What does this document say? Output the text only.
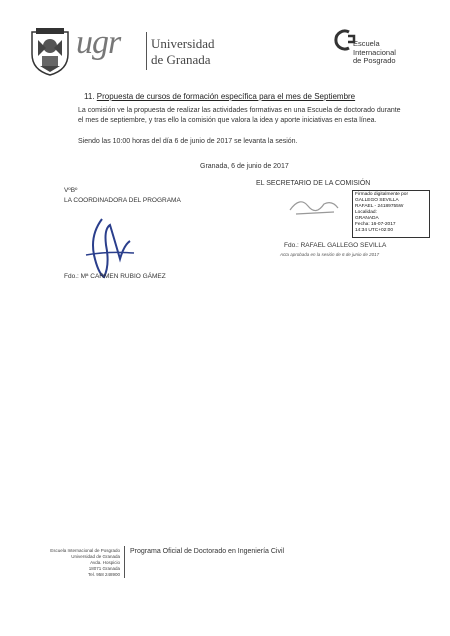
ugr Universidad
de Granada
Escuela
Internacional
de Posgrado
11. Propuesta de cursos de formación específica para el mes de Septiembre
La comisión ve la propuesta de realizar las actividades formativas en una Escuela de doctorado durante
el mes de septiembre, y tras ello la comisión que valora la idea y aporte iniciativas en esta línea.
Siendo las 10:00 horas del día 6 de junio de 2017 se levanta la sesión.
Granada, 6 de junio de 2017
VºBº
LA COORDINADORA DEL PROGRAMA
EL SECRETARIO DE LA COMISIÓN
Firmado digitalmente por
GALLEGO SEVILLA
RAFAEL - 24189755W
Localidad:
GRANADA
Fecha: 16-07-2017
14:34 UTC+02:00
Fdo.: Mª CARMEN RUBIO GÁMEZ
Fdo.: RAFAEL GALLEGO SEVILLA
Acta aprobada en la sesión de 6 de junio de 2017
Escuela Internacional de Posgrado
Universidad de Granada
Avda. Hospicio
18071 Granada
Tel. 958 248900
Programa Oficial de Doctorado en Ingeniería Civil
